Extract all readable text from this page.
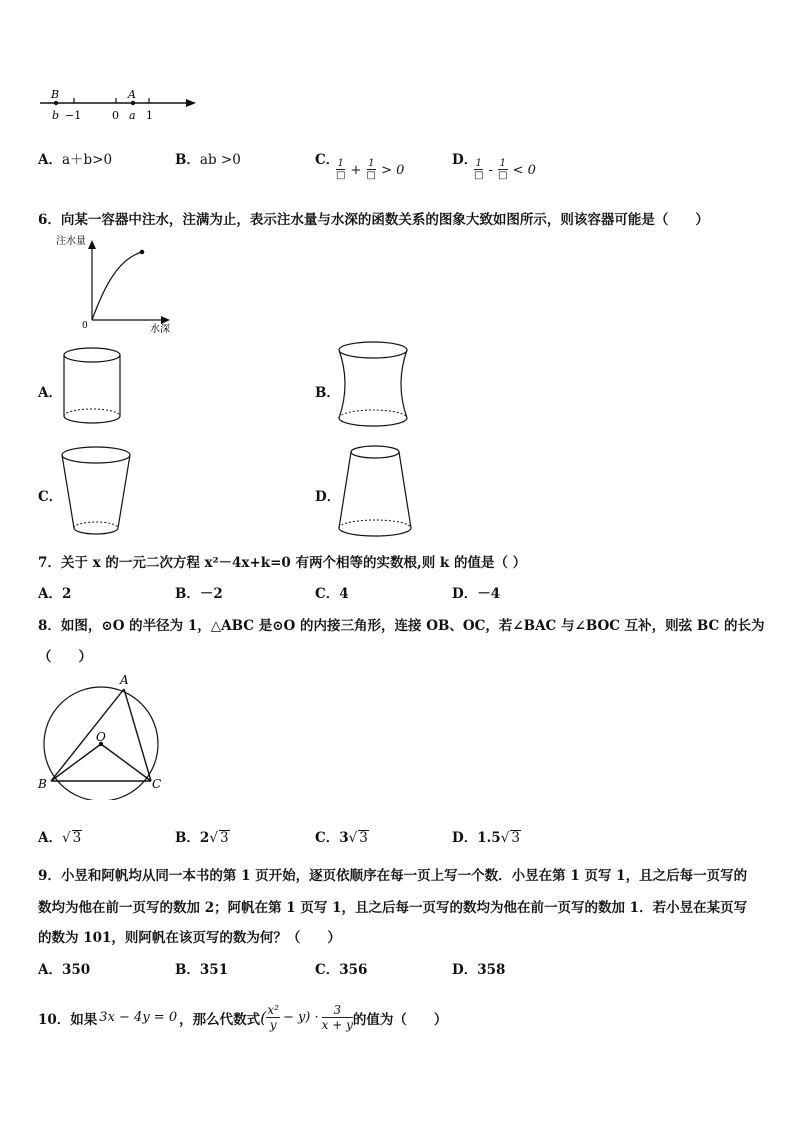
B	A
b −1	0 a 1
A．a＋b>0	B．ab >0	C．
$\frac{1}{□} + \frac{1}{□} > 0$
D．
$\frac{1}{□} - \frac{1}{□} < 0$
6．向某一容器中注水，注满为止，表示注水量与水深的函数关系的图象大致如图所示，则该容器可能是（　　）
注水量
水深
0
A．	B．
C．	D．
7．关于 x 的一元二次方程 x²－4x+k=0 有两个相等的实数根,则 k 的值是（ ）
A．2	B．－2	C．4	D．－4
8．如图，⊙O 的半径为 1，△ABC 是⊙O 的内接三角形，连接 OB、OC，若∠BAC 与∠BOC 互补，则弦 BC 的长为
（　　）
A
O
B	C
A．√ 3	B．2√ 3	C．3√ 3	D．1.5√ 3
9．小昱和阿帆均从同一本书的第 1 页开始，逐页依顺序在每一页上写一个数．小昱在第 1 页写 1，且之后每一页写的
数均为他在前一页写的数加 2；阿帆在第 1 页写 1，且之后每一页写的数均为他在前一页写的数加 1．若小昱在某页写
的数为 101，则阿帆在该页写的数为何？（　　）
A．350	B．351	C．356	D．358
10．如果 3x − 4y = 0 ，那么代数式 ( $\frac{\text{x²}}{y} - y) \cdot \frac{3}{x + y}$ 的值为（　　）
